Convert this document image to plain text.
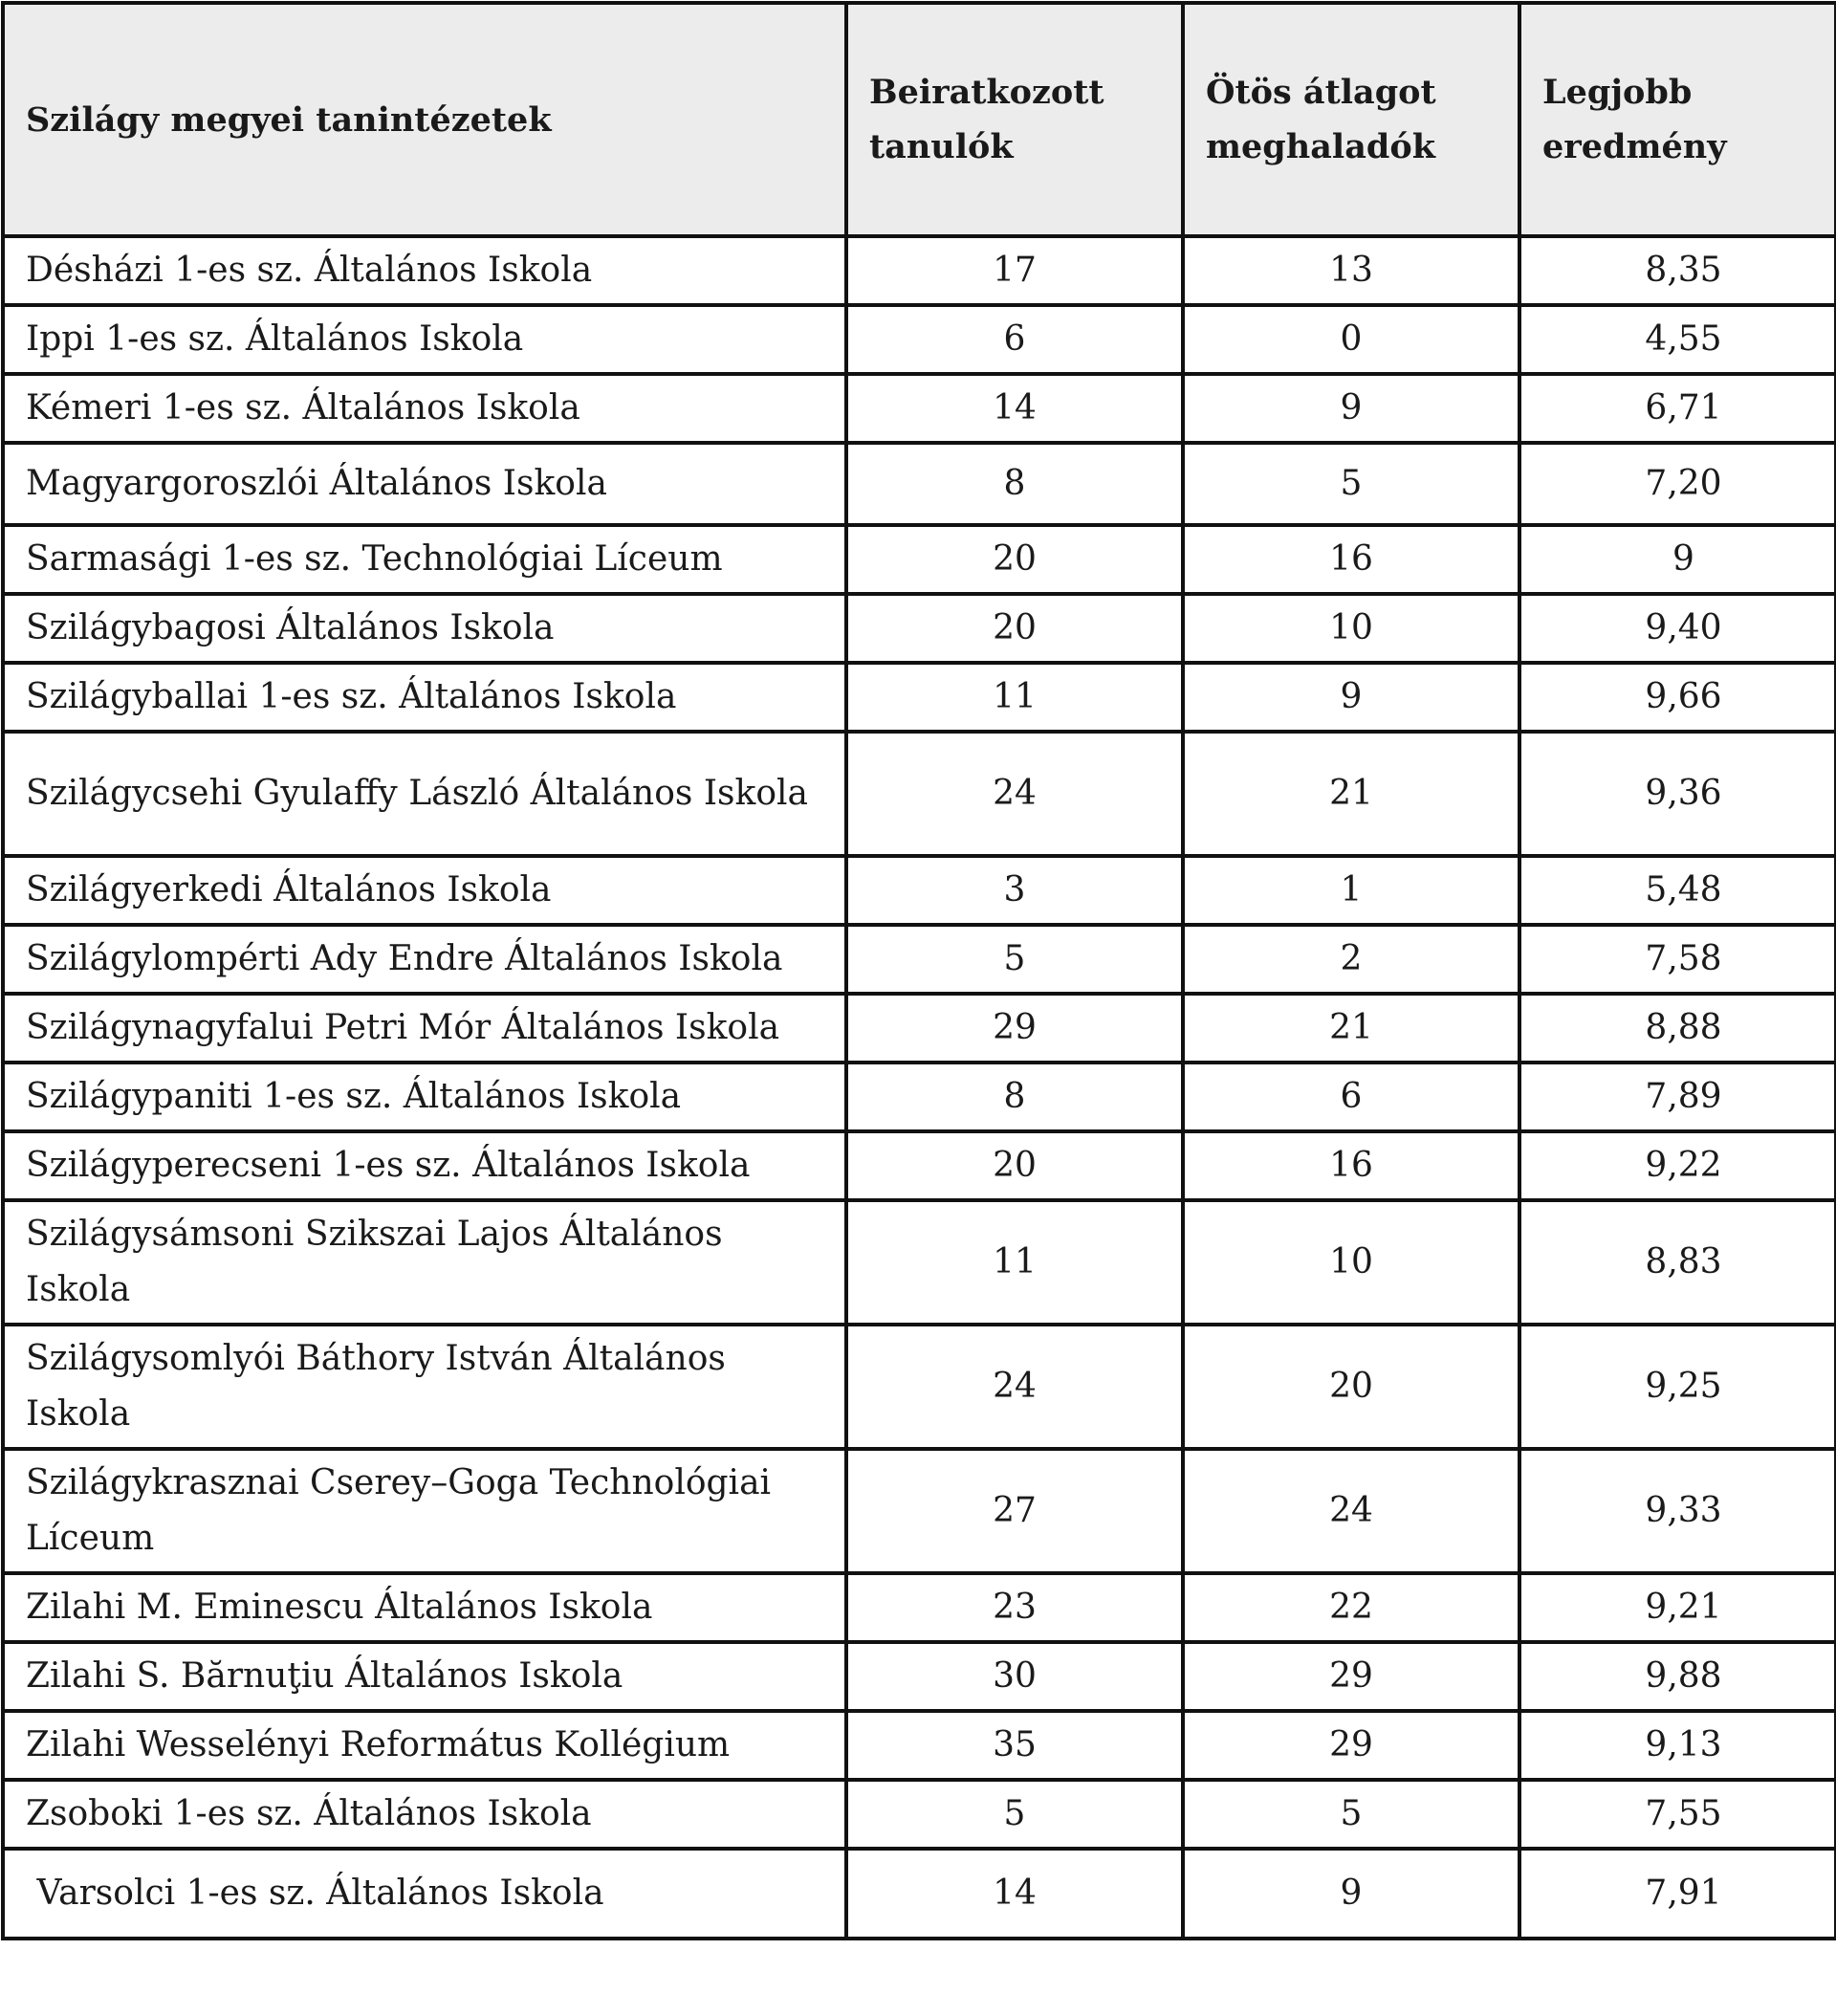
Szilágy megyei tanintézetek	Beiratkozott tanulók	Ötös átlagot meghaladók	Legjobb eredmény
Désházi 1-es sz. Általános Iskola	17	13	8,35
Ippi 1-es sz. Általános Iskola	6	0	4,55
Kémeri 1-es sz. Általános Iskola	14	9	6,71
Magyargoroszlói Általános Iskola	8	5	7,20
Sarmasági 1-es sz. Technológiai Líceum	20	16	9
Szilágybagosi Általános Iskola	20	10	9,40
Szilágyballai 1-es sz. Általános Iskola	11	9	9,66
Szilágycsehi Gyulaffy László Általános Iskola	24	21	9,36
Szilágyerkedi Általános Iskola	3	1	5,48
Szilágylompérti Ady Endre Általános Iskola	5	2	7,58
Szilágynagyfalui Petri Mór Általános Iskola	29	21	8,88
Szilágypaniti 1-es sz. Általános Iskola	8	6	7,89
Szilágyperecseni 1-es sz. Általános Iskola	20	16	9,22
Szilágysámsoni Szikszai Lajos Általános Iskola	11	10	8,83
Szilágysomlyói Báthory István Általános Iskola	24	20	9,25
Szilágykrasznai Cserey–Goga Technológiai Líceum	27	24	9,33
Zilahi M. Eminescu Általános Iskola	23	22	9,21
Zilahi S. Bărnuţiu Általános Iskola	30	29	9,88
Zilahi Wesselényi Református Kollégium	35	29	9,13
Zsoboki 1-es sz. Általános Iskola	5	5	7,55
Varsolci 1-es sz. Általános Iskola	14	9	7,91
